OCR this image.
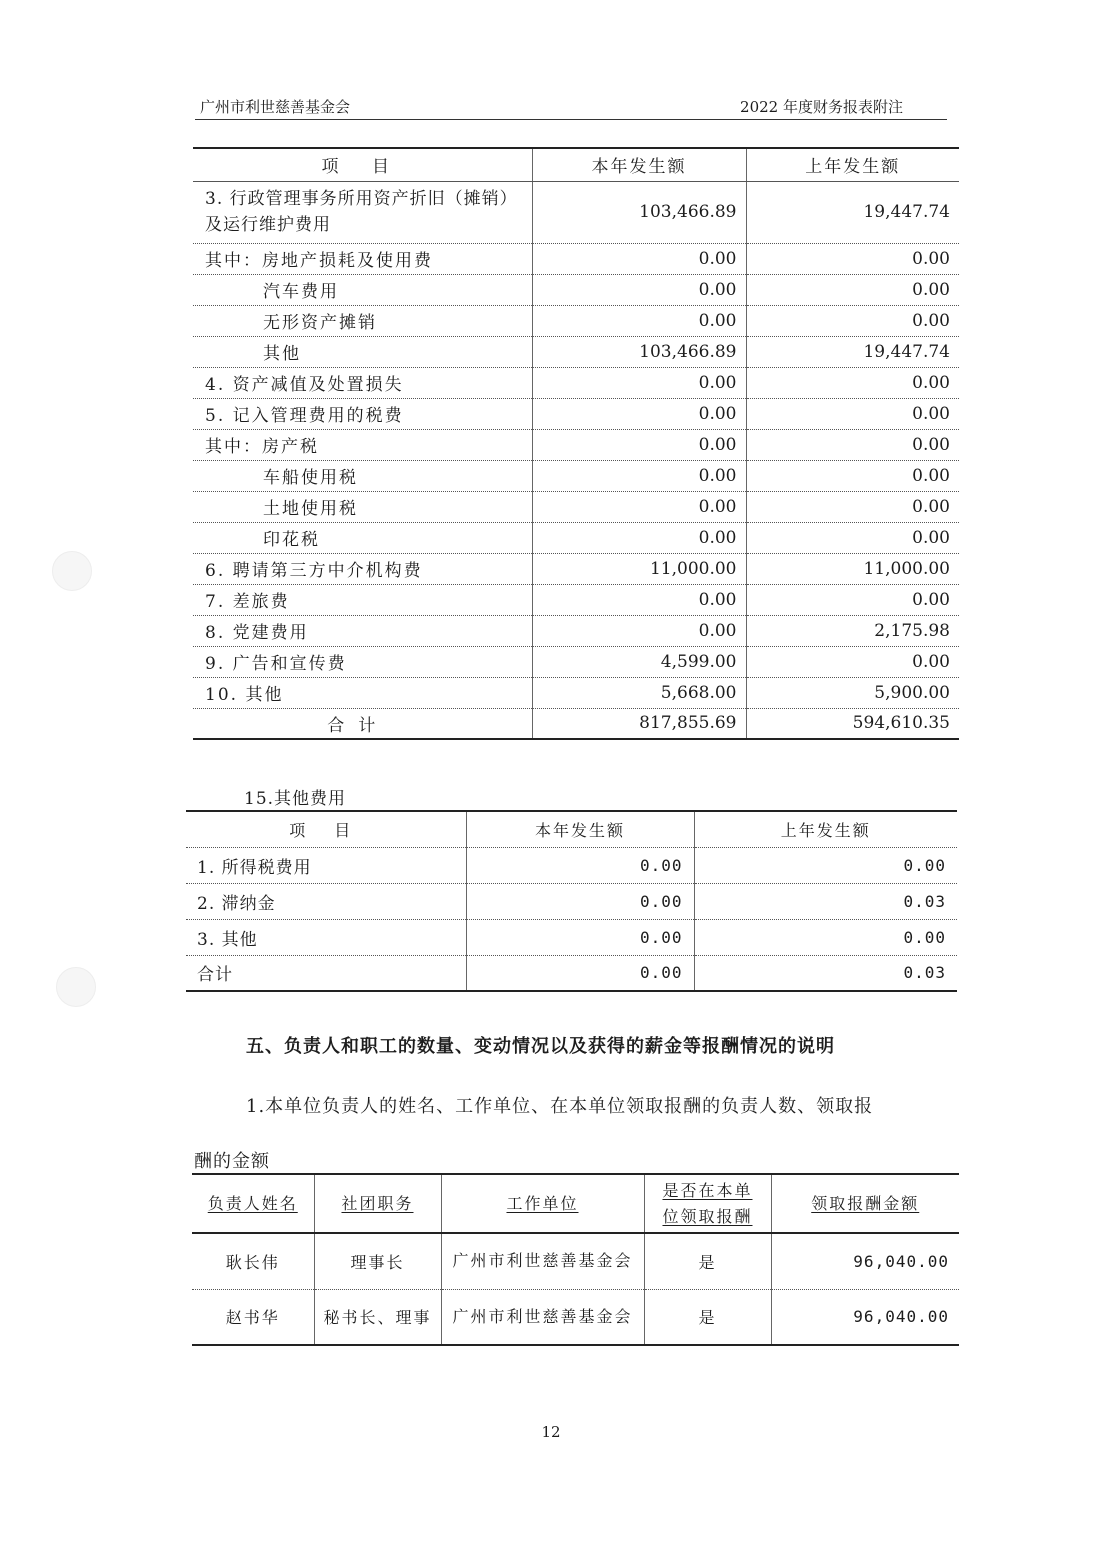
广州市利世慈善基金会	2022 年度财务报表附注
项 目	本年发生额	上年发生额
3. 行政管理事务所用资产折旧（摊销）及运行维护费用	103,466.89	19,447.74
其中：房地产损耗及使用费	0.00	0.00
汽车费用	0.00	0.00
无形资产摊销	0.00	0.00
其他	103,466.89	19,447.74
4. 资产减值及处置损失	0.00	0.00
5. 记入管理费用的税费	0.00	0.00
其中：房产税	0.00	0.00
车船使用税	0.00	0.00
土地使用税	0.00	0.00
印花税	0.00	0.00
6. 聘请第三方中介机构费	11,000.00	11,000.00
7. 差旅费	0.00	0.00
8. 党建费用	0.00	2,175.98
9. 广告和宣传费	4,599.00	0.00
10. 其他	5,668.00	5,900.00
合计	817,855.69	594,610.35
15.其他费用
项 目	本年发生额	上年发生额
1. 所得税费用	0.00	0.00
2. 滞纳金	0.00	0.03
3. 其他	0.00	0.00
合计	0.00	0.03
五、负责人和职工的数量、变动情况以及获得的薪金等报酬情况的说明
1.本单位负责人的姓名、工作单位、在本单位领取报酬的负责人数、领取报
酬的金额
负责人姓名	社团职务	工作单位	是否在本单位领取报酬	领取报酬金额
耿长伟	理事长	广州市利世慈善基金会	是	96,040.00
赵书华	秘书长、理事	广州市利世慈善基金会	是	96,040.00
12
